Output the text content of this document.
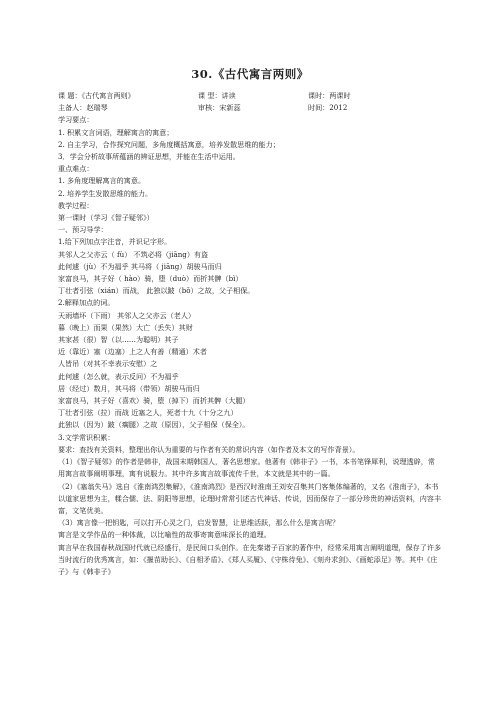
30.《古代寓言两则》
课 题：《古代寓言两则》	课 型：讲读	课时：两课时
主备人：赵瑞琴	审核：宋新蕊	时间：2012
学习要点：
1. 积累文言词语，理解寓言的寓意；
2. 自主学习，合作探究问题，多角度概括寓意，培养发散思维的能力；
3．学会分析故事所蕴涵的辨证思想，并能在生活中运用。
重点难点：
1. 多角度理解寓言的寓意。
2. 培养学生发散思维的能力。
教学过程：
第一课时（学习《智子疑邻》）
一、预习导学：
1.给下列加点字注音，并识记字形。
其邻人之父亦云（ fù） 不筑必将（jiāng）有盗
此何遽（jù）不为福乎 其马将（ jiāng）胡骏马而归
家富良马，其子好（ hào）骑，堕（duò）而折其髀（bì）
丁壮者引弦（xián）而战， 此独以跛（bǒ）之故，父子相保。
2.解释加点的词。
天雨墙坏（下雨） 其邻人之父亦云（老人）
暮（晚上）而果（果然）大亡（丢失）其财
其家甚（很）智（以……为聪明）其子
近（靠近）塞（边塞）上之人有善（精通）术者
人皆吊（对其不幸表示安慰）之
此何遽（怎么就，表示反问）不为福乎
居（经过）数月，其马将（带领）胡骏马而归
家富良马，其子好（喜欢）骑，堕（掉下）而折其髀（大腿）
丁壮者引弦（拉）而战 近塞之人，死者十九（十分之九）
此独以（因为）跛（瘸腿）之故（原因），父子相保（保全）。
3.文学常识积累：
要求：查找有关资料，整理出你认为重要的与作者有关的常识内容（如作者及本文的写作背景）。
（1）《智子疑邻》的作者是韩非，战国末期韩国人，著名思想家。他著有《韩非子》一书，本书笔锋犀利，说理透辟，常用寓言故事阐明事理，寓有说服力。其中许多寓言故事流传千世，本文就是其中的一篇。
（2）《塞翁失马》选自《淮南鸿烈集解》，《淮南鸿烈》是西汉时淮南王刘安召集其门客集体编著的，又名《淮南子》，本书以道家思想为主，糅合儒、法、阴阳等思想，论理时常常引述古代神话、传说，因而保存了一部分珍贵的神话资料，内容丰富，文笔优美。
（3）寓言像一把钥匙，可以打开心灵之门，启发智慧，让思维活跃，那么什么是寓言呢？
寓言是文学作品的一种体裁，以比喻性的故事寄寓意味深长的道理。
寓言早在我国春秋战国时代就已经盛行，是民间口头创作。在先秦诸子百家的著作中，经常采用寓言阐明道理，保存了许多当时流行的优秀寓言，如：《揠苗助长》、《自相矛盾》、《郑人买履》、《守株待兔》、《刻舟求剑》、《画蛇添足》等。其中《庄子》与《韩非子》
